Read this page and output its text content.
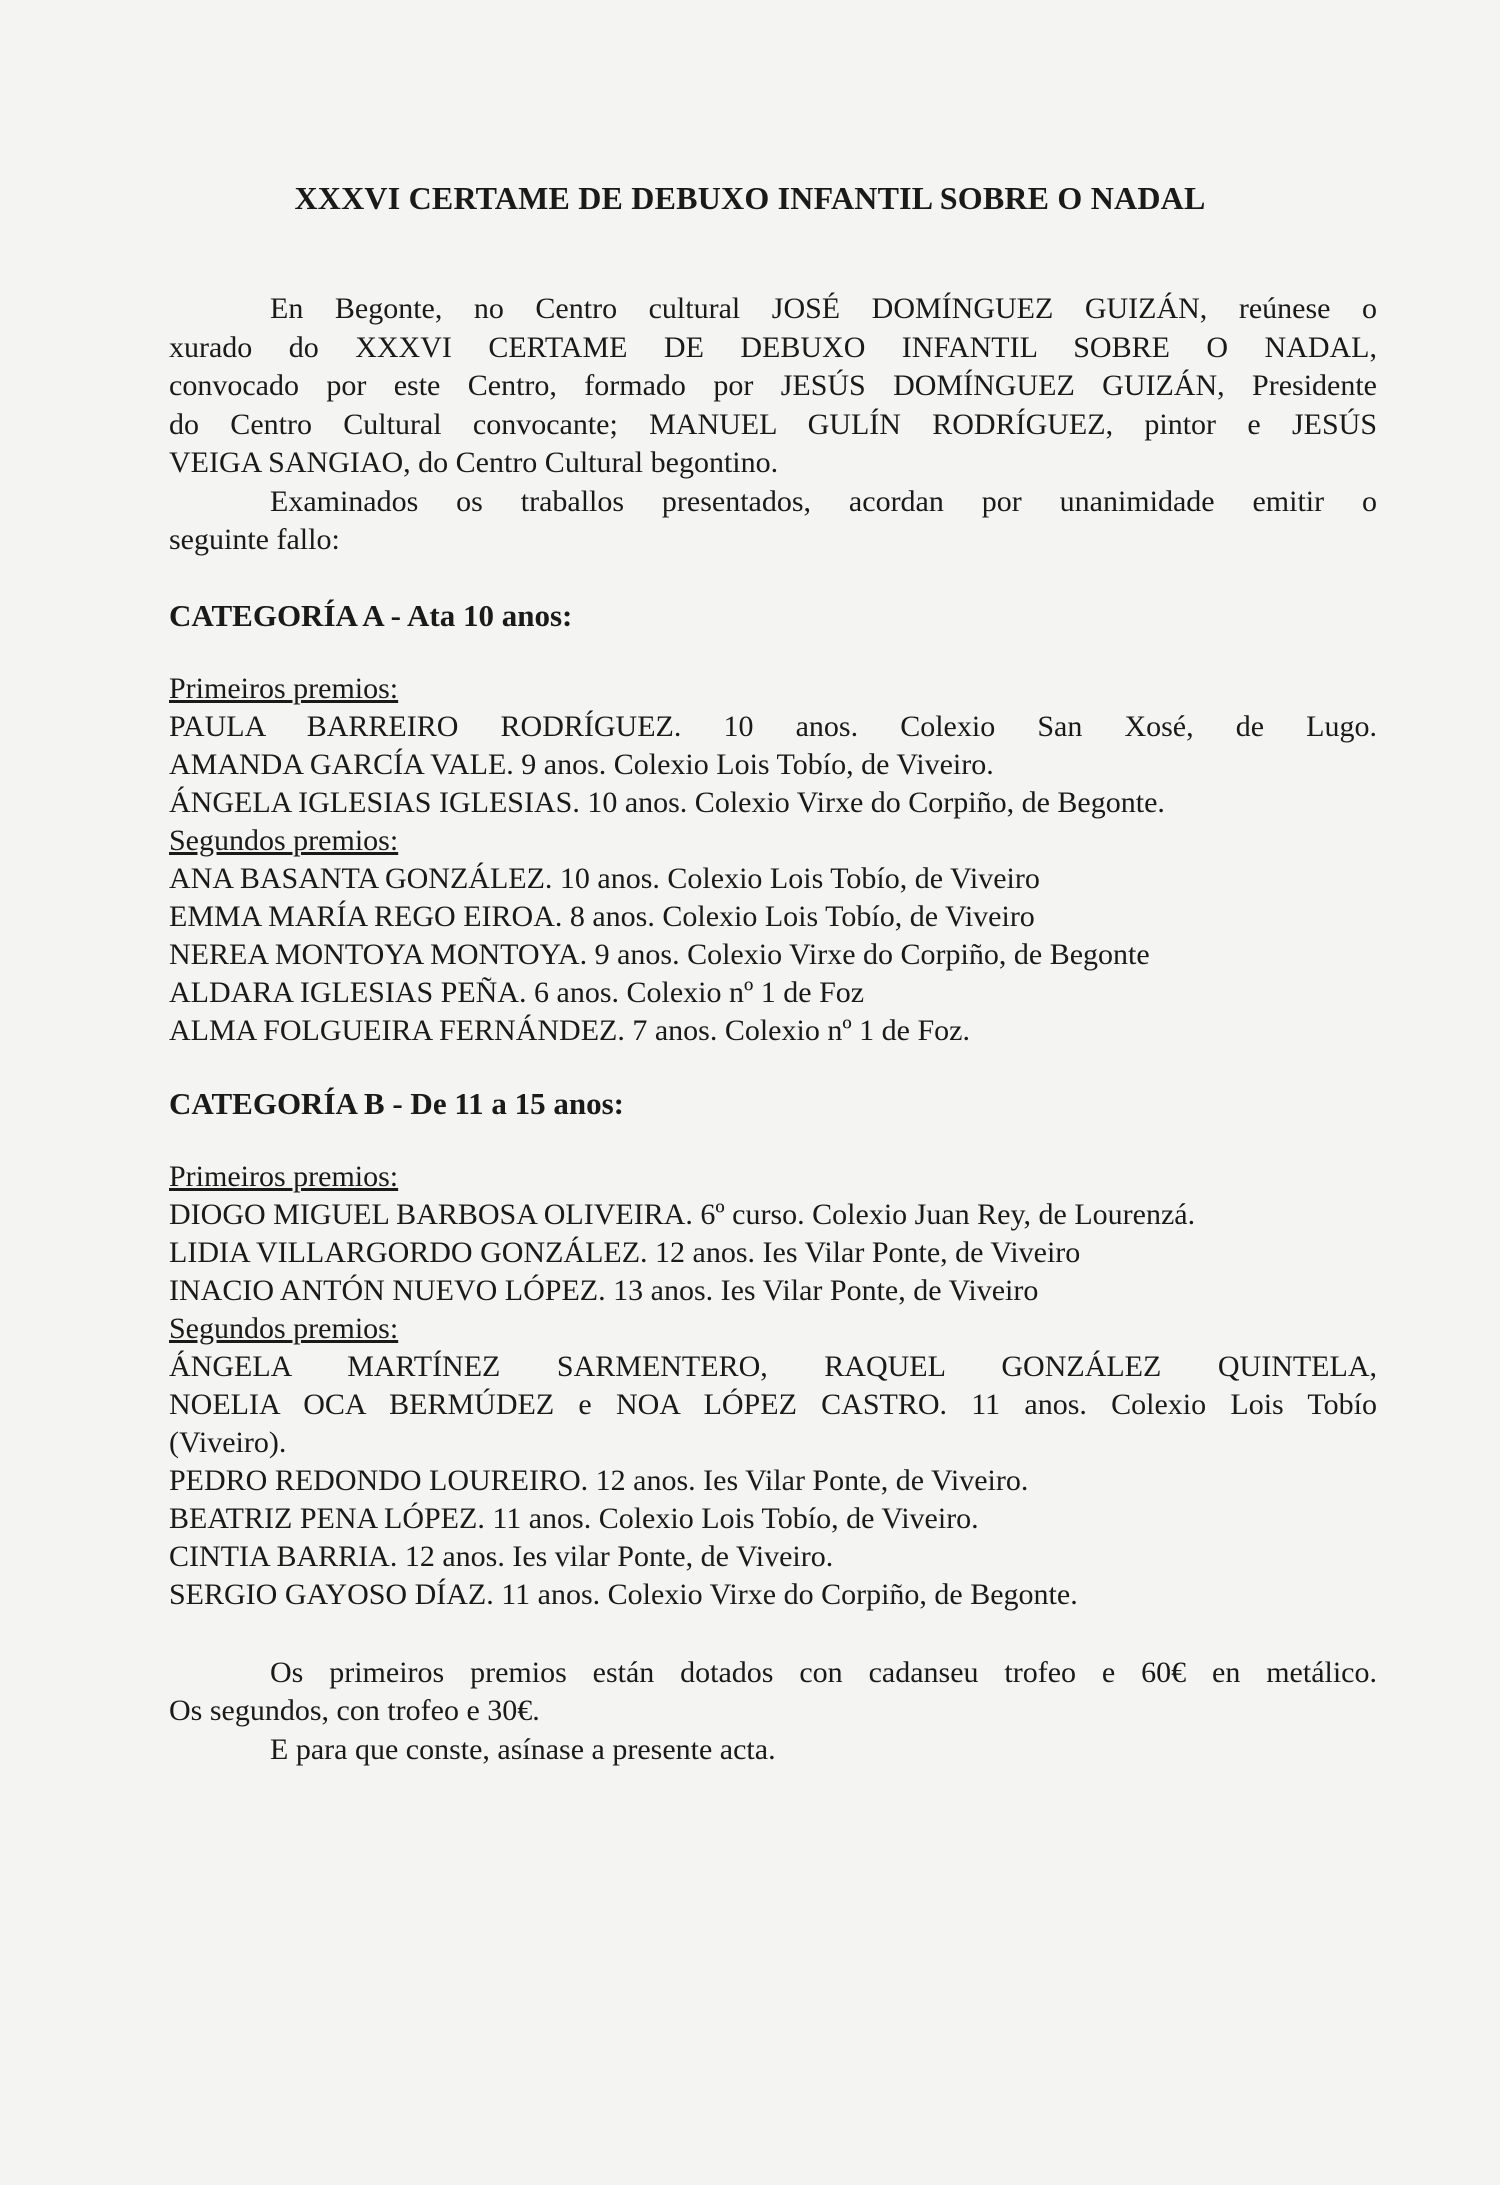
XXXVI CERTAME DE DEBUXO INFANTIL SOBRE O NADAL

En Begonte, no Centro cultural JOSÉ DOMÍNGUEZ GUIZÁN, reúnese o

xurado do XXXVI CERTAME DE DEBUXO INFANTIL SOBRE O NADAL,

convocado por este Centro, formado por JESÚS DOMÍNGUEZ GUIZÁN, Presidente

do Centro Cultural convocante; MANUEL GULÍN RODRÍGUEZ, pintor e JESÚS

VEIGA SANGIAO, do Centro Cultural begontino.

Examinados os traballos presentados, acordan por unanimidade emitir o

seguinte fallo:

CATEGORÍA A - Ata 10 anos:

Primeiros premios:

PAULA BARREIRO RODRÍGUEZ. 10 anos. Colexio San Xosé, de Lugo.

AMANDA GARCÍA VALE. 9 anos. Colexio Lois Tobío, de Viveiro.

ÁNGELA IGLESIAS IGLESIAS. 10 anos. Colexio Virxe do Corpiño, de Begonte.

Segundos premios:

ANA BASANTA GONZÁLEZ. 10 anos. Colexio Lois Tobío, de Viveiro

EMMA MARÍA REGO EIROA. 8 anos. Colexio Lois Tobío, de Viveiro

NEREA MONTOYA MONTOYA. 9 anos. Colexio Virxe do Corpiño, de Begonte

ALDARA IGLESIAS PEÑA. 6 anos. Colexio nº 1 de Foz

ALMA FOLGUEIRA FERNÁNDEZ. 7 anos. Colexio nº 1 de Foz.

CATEGORÍA B - De 11 a 15 anos:

Primeiros premios:

DIOGO MIGUEL BARBOSA OLIVEIRA. 6º curso. Colexio Juan Rey, de Lourenzá.

LIDIA VILLARGORDO GONZÁLEZ. 12 anos. Ies Vilar Ponte, de Viveiro

INACIO ANTÓN NUEVO LÓPEZ. 13 anos. Ies Vilar Ponte, de Viveiro

Segundos premios:

ÁNGELA MARTÍNEZ SARMENTERO, RAQUEL GONZÁLEZ QUINTELA,

NOELIA OCA BERMÚDEZ e NOA LÓPEZ CASTRO. 11 anos. Colexio Lois Tobío

(Viveiro).

PEDRO REDONDO LOUREIRO. 12 anos. Ies Vilar Ponte, de Viveiro.

BEATRIZ PENA LÓPEZ. 11 anos. Colexio Lois Tobío, de Viveiro.

CINTIA BARRIA. 12 anos. Ies vilar Ponte, de Viveiro.

SERGIO GAYOSO DÍAZ. 11 anos. Colexio Virxe do Corpiño, de Begonte.

Os primeiros premios están dotados con cadanseu trofeo e 60€ en metálico.

Os segundos, con trofeo e 30€.

E para que conste, asínase a presente acta.
